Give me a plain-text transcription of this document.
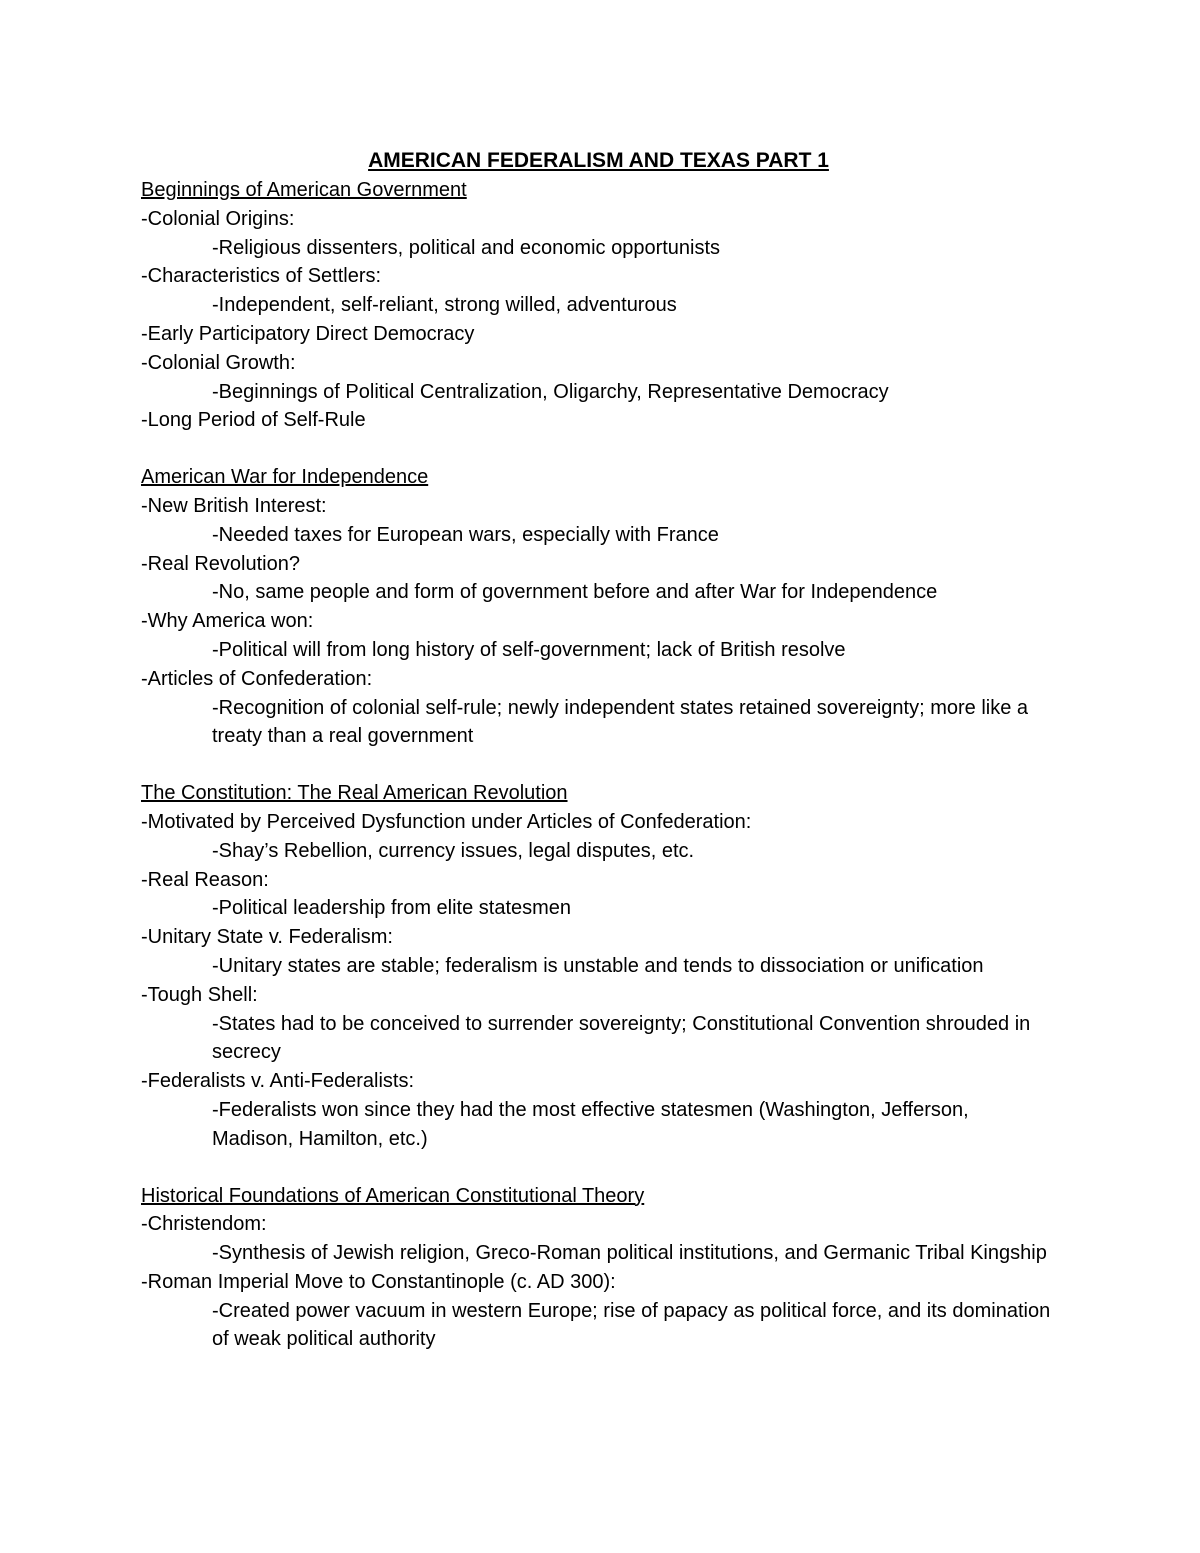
AMERICAN FEDERALISM AND TEXAS PART 1
Beginnings of American Government
-Colonial Origins:
-Religious dissenters, political and economic opportunists
-Characteristics of Settlers:
-Independent, self-reliant, strong willed, adventurous
-Early Participatory Direct Democracy
-Colonial Growth:
-Beginnings of Political Centralization, Oligarchy, Representative Democracy
-Long Period of Self-Rule
American War for Independence
-New British Interest:
-Needed taxes for European wars, especially with France
-Real Revolution?
-No, same people and form of government before and after War for Independence
-Why America won:
-Political will from long history of self-government; lack of British resolve
-Articles of Confederation:
-Recognition of colonial self-rule; newly independent states retained sovereignty; more like a treaty than a real government
The Constitution: The Real American Revolution
-Motivated by Perceived Dysfunction under Articles of Confederation:
-Shay’s Rebellion, currency issues, legal disputes, etc.
-Real Reason:
-Political leadership from elite statesmen
-Unitary State v. Federalism:
-Unitary states are stable; federalism is unstable and tends to dissociation or unification
-Tough Shell:
-States had to be conceived to surrender sovereignty; Constitutional Convention shrouded in secrecy
-Federalists v. Anti-Federalists:
-Federalists won since they had the most effective statesmen (Washington, Jefferson, Madison, Hamilton, etc.)
Historical Foundations of American Constitutional Theory
-Christendom:
-Synthesis of Jewish religion, Greco-Roman political institutions, and Germanic Tribal Kingship
-Roman Imperial Move to Constantinople (c. AD 300):
-Created power vacuum in western Europe; rise of papacy as political force, and its domination of weak political authority
